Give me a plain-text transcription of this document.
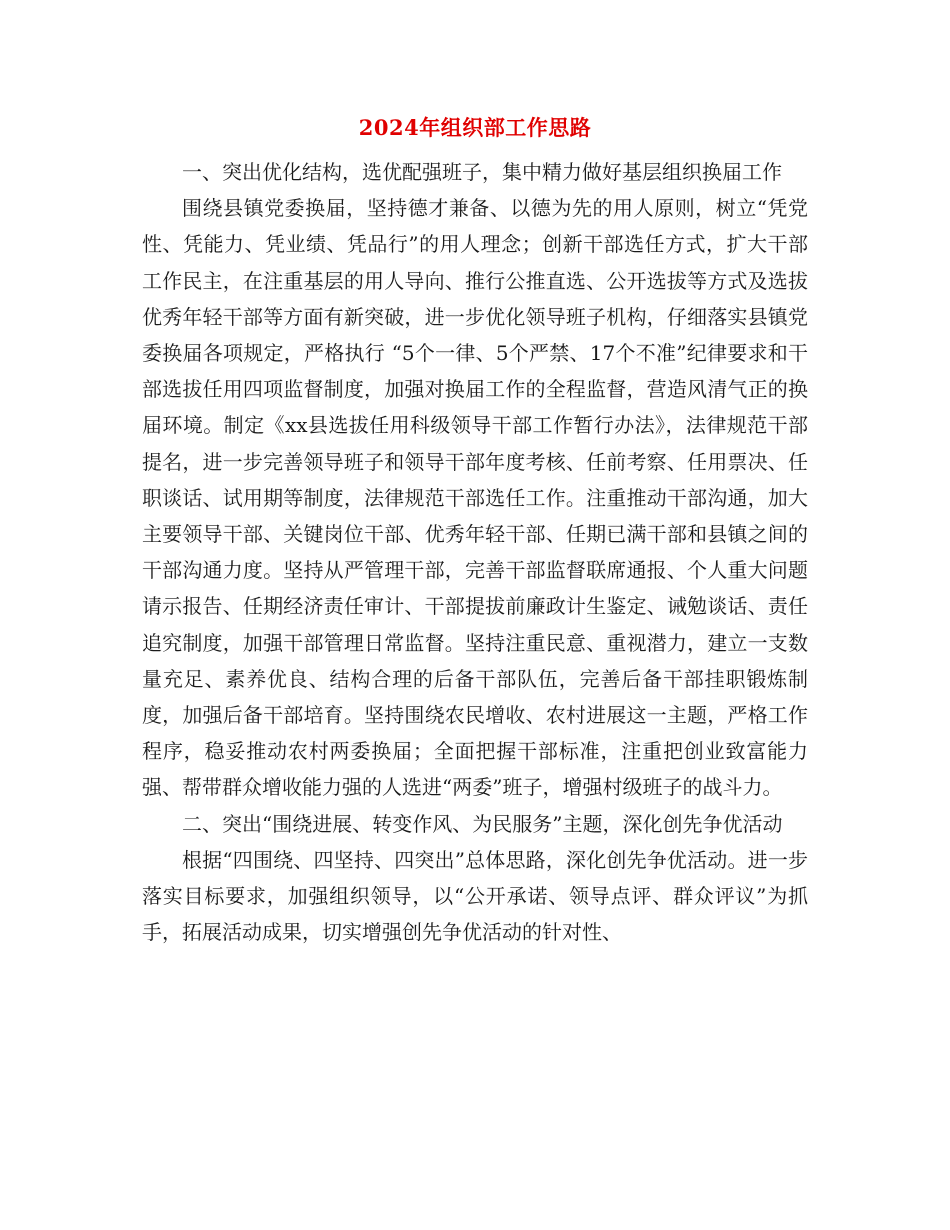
2024年组织部工作思路

一、突出优化结构，选优配强班子，集中精力做好基层组织换届工作

围绕县镇党委换届，坚持德才兼备、以德为先的用人原则，树立“凭党性、凭能力、凭业绩、凭品行”的用人理念；创新干部选任方式，扩大干部工作民主，在注重基层的用人导向、推行公推直选、公开选拔等方式及选拔优秀年轻干部等方面有新突破，进一步优化领导班子机构，仔细落实县镇党委换届各项规定，严格执行 “5个一律、5个严禁、17个不准”纪律要求和干部选拔任用四项监督制度，加强对换届工作的全程监督，营造风清气正的换届环境。制定《xx县选拔任用科级领导干部工作暂行办法》，法律规范干部提名，进一步完善领导班子和领导干部年度考核、任前考察、任用票决、任职谈话、试用期等制度，法律规范干部选任工作。注重推动干部沟通，加大主要领导干部、关键岗位干部、优秀年轻干部、任期已满干部和县镇之间的干部沟通力度。坚持从严管理干部，完善干部监督联席通报、个人重大问题请示报告、任期经济责任审计、干部提拔前廉政计生鉴定、诫勉谈话、责任追究制度，加强干部管理日常监督。坚持注重民意、重视潜力，建立一支数量充足、素养优良、结构合理的后备干部队伍，完善后备干部挂职锻炼制度，加强后备干部培育。坚持围绕农民增收、农村进展这一主题，严格工作程序，稳妥推动农村两委换届；全面把握干部标准，注重把创业致富能力强、帮带群众增收能力强的人选进“两委”班子，增强村级班子的战斗力。

二、突出“围绕进展、转变作风、为民服务”主题，深化创先争优活动

根据“四围绕、四坚持、四突出”总体思路，深化创先争优活动。进一步落实目标要求，加强组织领导，以“公开承诺、领导点评、群众评议”为抓手，拓展活动成果，切实增强创先争优活动的针对性、
